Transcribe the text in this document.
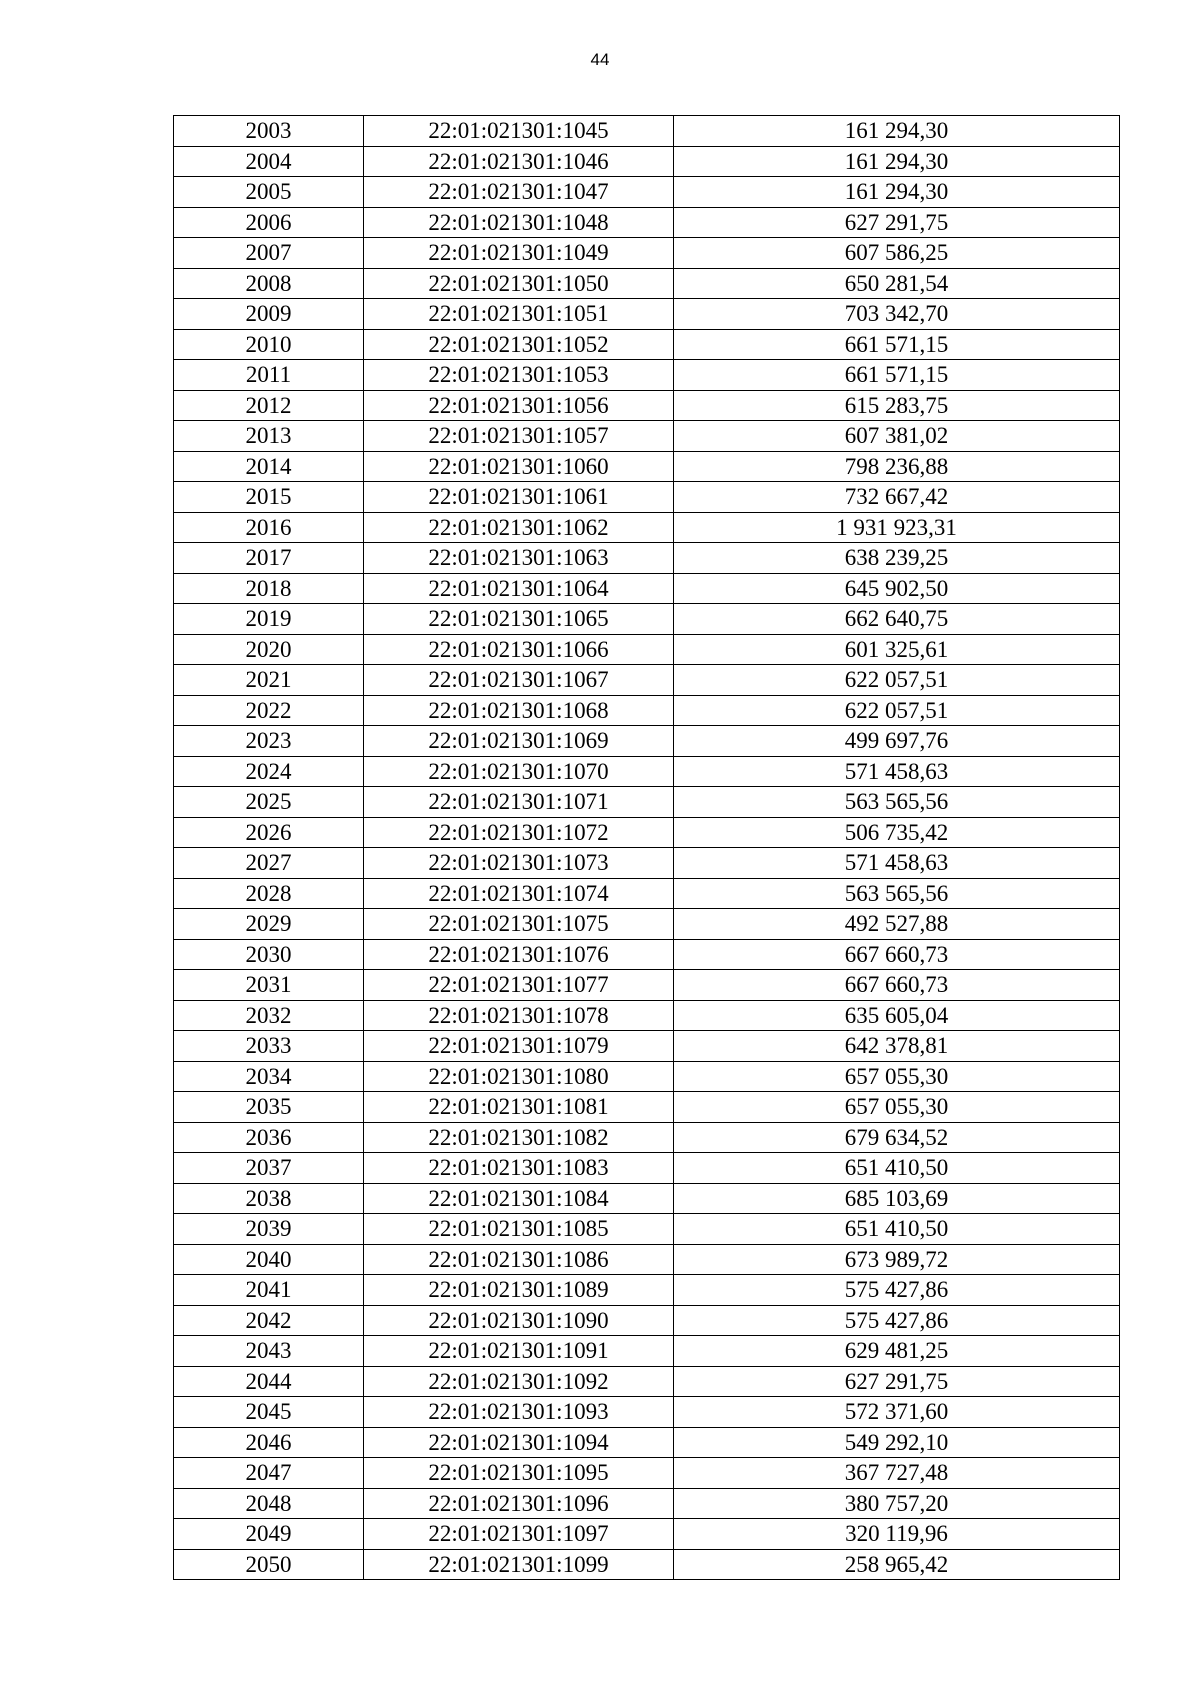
44
2003	22:01:021301:1045	161 294,30
2004	22:01:021301:1046	161 294,30
2005	22:01:021301:1047	161 294,30
2006	22:01:021301:1048	627 291,75
2007	22:01:021301:1049	607 586,25
2008	22:01:021301:1050	650 281,54
2009	22:01:021301:1051	703 342,70
2010	22:01:021301:1052	661 571,15
2011	22:01:021301:1053	661 571,15
2012	22:01:021301:1056	615 283,75
2013	22:01:021301:1057	607 381,02
2014	22:01:021301:1060	798 236,88
2015	22:01:021301:1061	732 667,42
2016	22:01:021301:1062	1 931 923,31
2017	22:01:021301:1063	638 239,25
2018	22:01:021301:1064	645 902,50
2019	22:01:021301:1065	662 640,75
2020	22:01:021301:1066	601 325,61
2021	22:01:021301:1067	622 057,51
2022	22:01:021301:1068	622 057,51
2023	22:01:021301:1069	499 697,76
2024	22:01:021301:1070	571 458,63
2025	22:01:021301:1071	563 565,56
2026	22:01:021301:1072	506 735,42
2027	22:01:021301:1073	571 458,63
2028	22:01:021301:1074	563 565,56
2029	22:01:021301:1075	492 527,88
2030	22:01:021301:1076	667 660,73
2031	22:01:021301:1077	667 660,73
2032	22:01:021301:1078	635 605,04
2033	22:01:021301:1079	642 378,81
2034	22:01:021301:1080	657 055,30
2035	22:01:021301:1081	657 055,30
2036	22:01:021301:1082	679 634,52
2037	22:01:021301:1083	651 410,50
2038	22:01:021301:1084	685 103,69
2039	22:01:021301:1085	651 410,50
2040	22:01:021301:1086	673 989,72
2041	22:01:021301:1089	575 427,86
2042	22:01:021301:1090	575 427,86
2043	22:01:021301:1091	629 481,25
2044	22:01:021301:1092	627 291,75
2045	22:01:021301:1093	572 371,60
2046	22:01:021301:1094	549 292,10
2047	22:01:021301:1095	367 727,48
2048	22:01:021301:1096	380 757,20
2049	22:01:021301:1097	320 119,96
2050	22:01:021301:1099	258 965,42
